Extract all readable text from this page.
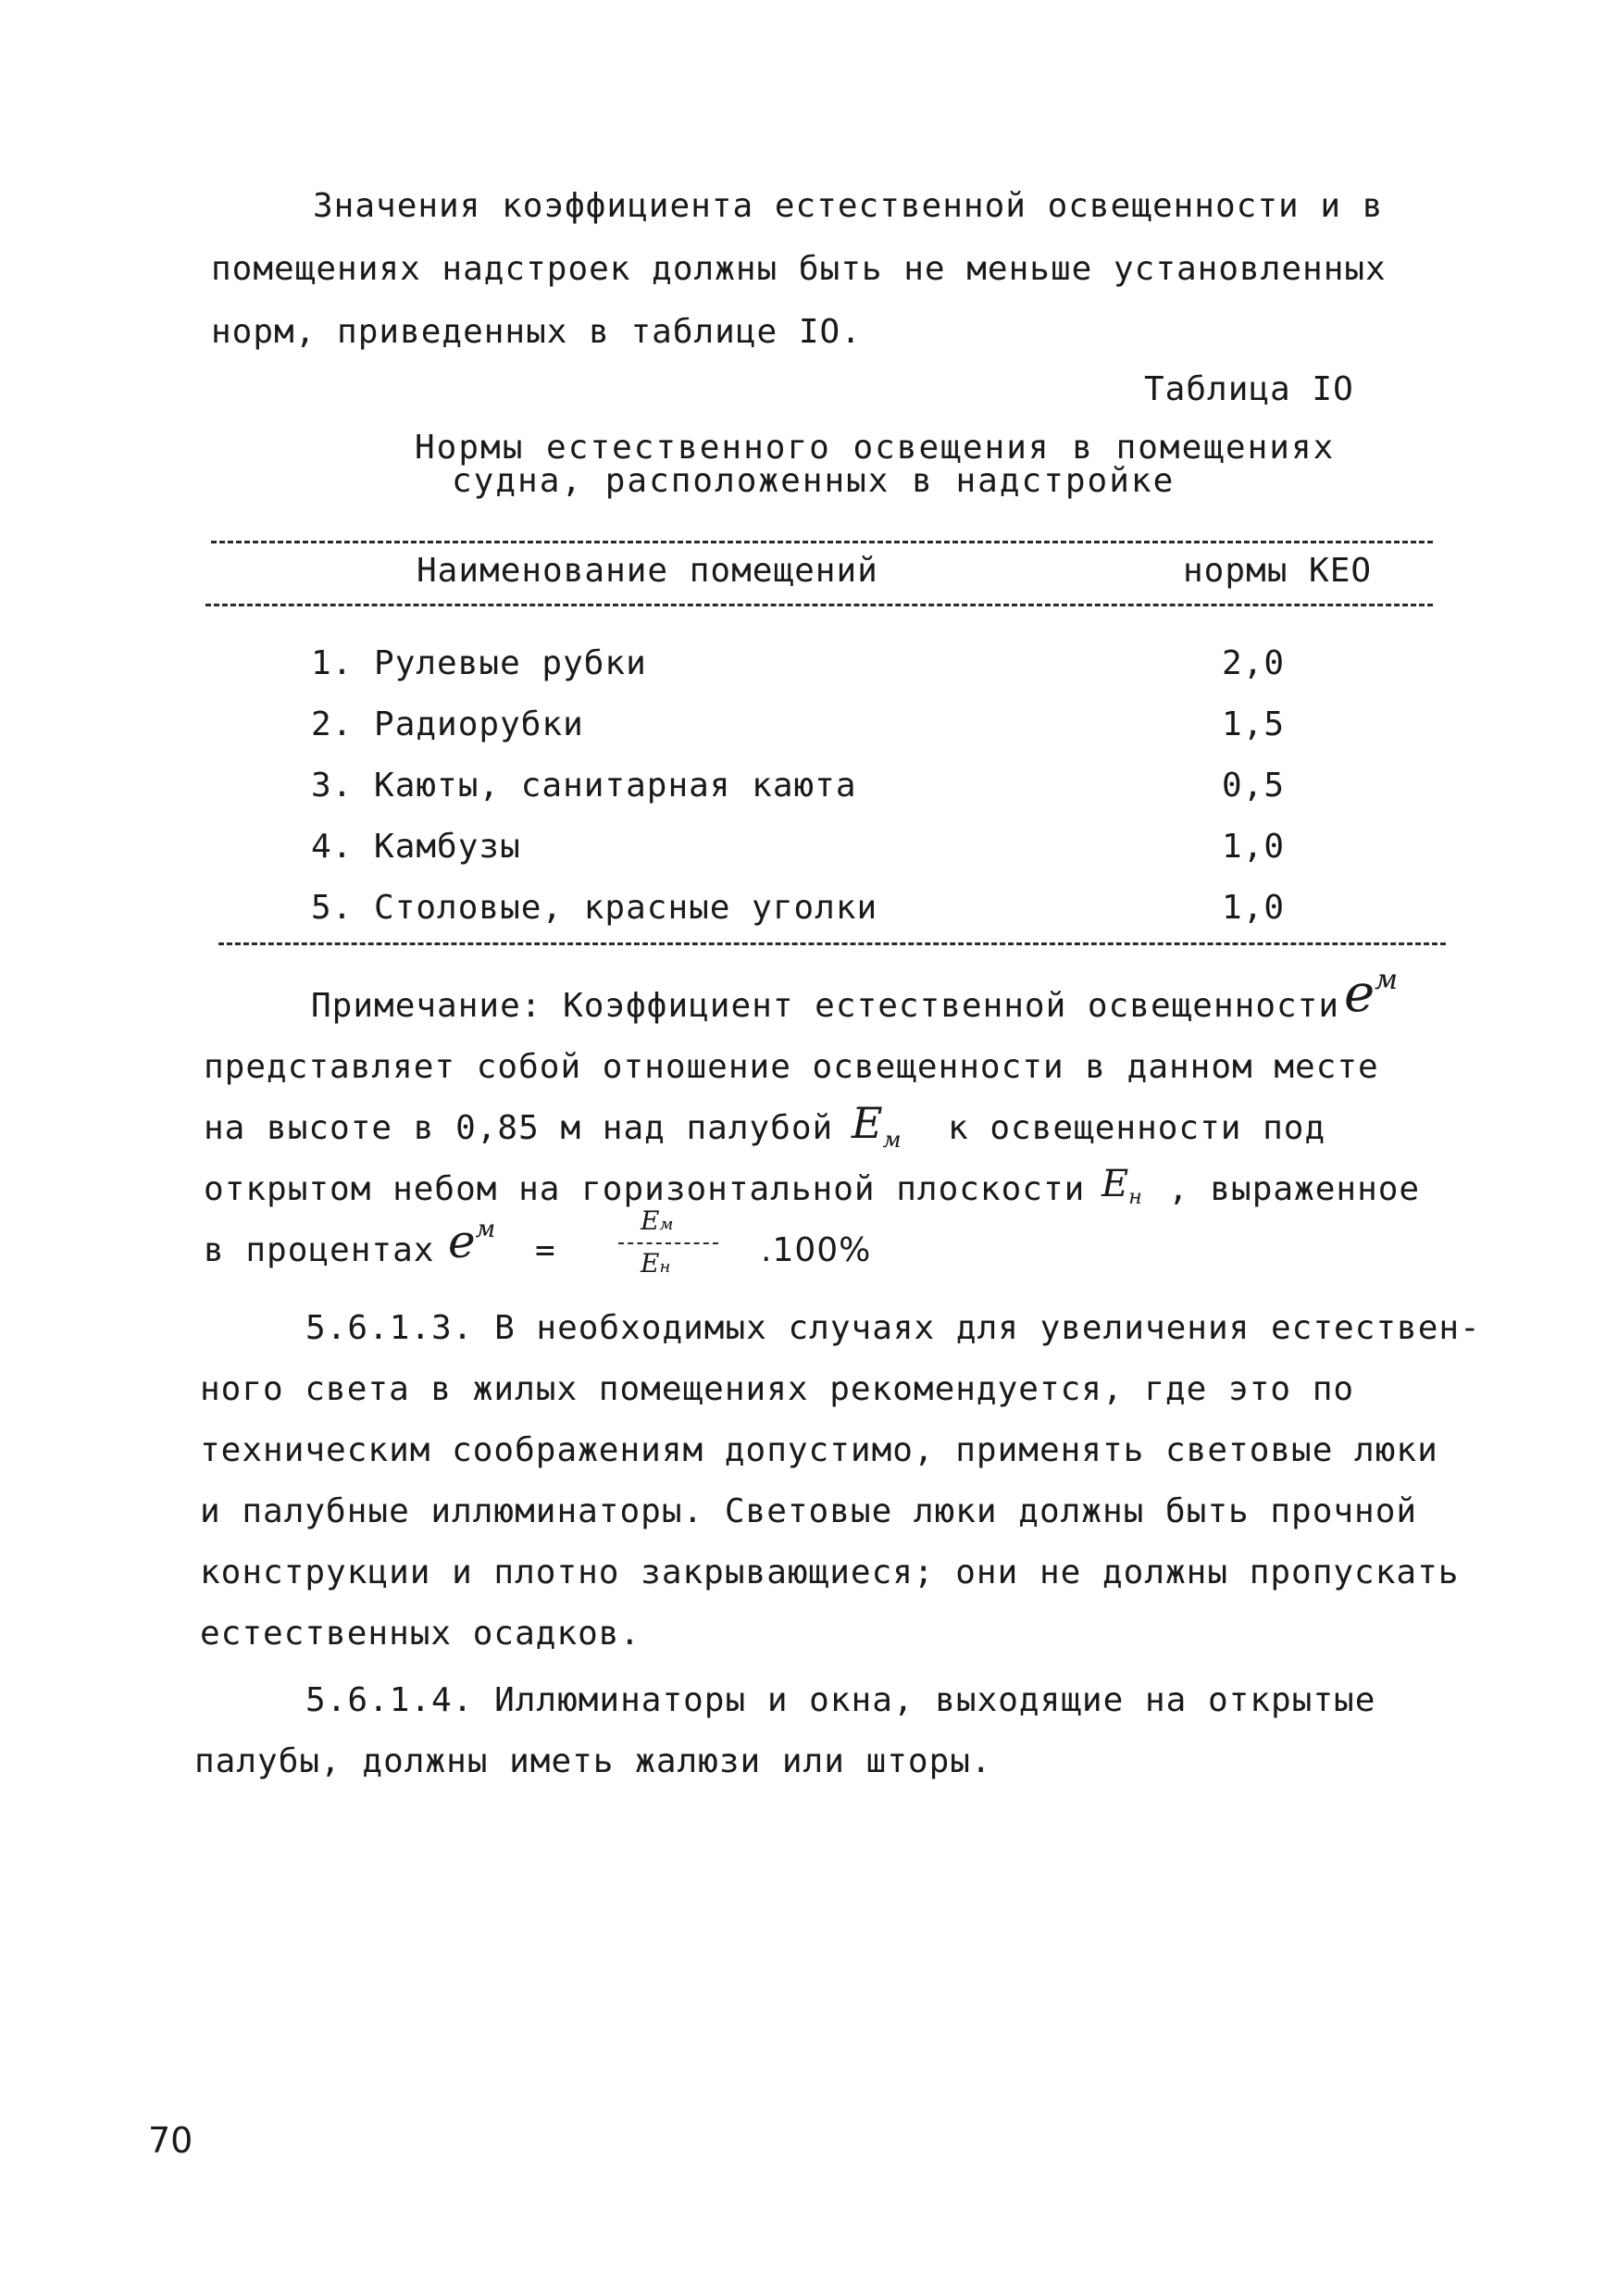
Значения коэффициента естественной освещенности и в
помещениях надстроек должны быть не меньше установленных
норм, приведенных в таблице IO.
Таблица IO
Нормы естественного освещения в помещениях
судна, расположенных в надстройке
Наименование помещений	нормы КЕО
1. Рулевые рубки	2,0
2. Радиорубки	1,5
3. Каюты, санитарная каюта	0,5
4. Камбузы	1,0
5. Столовые, красные уголки	1,0
Примечание: Коэффициент естественной освещенности eм
представляет собой отношение освещенности в данном месте
на высоте в 0,85 м над палубой Eм к освещенности под
открытом небом на горизонтальной плоскости Eн , выраженное
в процентах eм
=
Eм
Eн	.100%
5.6.1.3. В необходимых случаях для увеличения естествен-
ного света в жилых помещениях рекомендуется, где это по
техническим соображениям допустимо, применять световые люки
и палубные иллюминаторы. Световые люки должны быть прочной
конструкции и плотно закрывающиеся; они не должны пропускать
естественных осадков.
5.6.1.4. Иллюминаторы и окна, выходящие на открытые
палубы, должны иметь жалюзи или шторы.
70
